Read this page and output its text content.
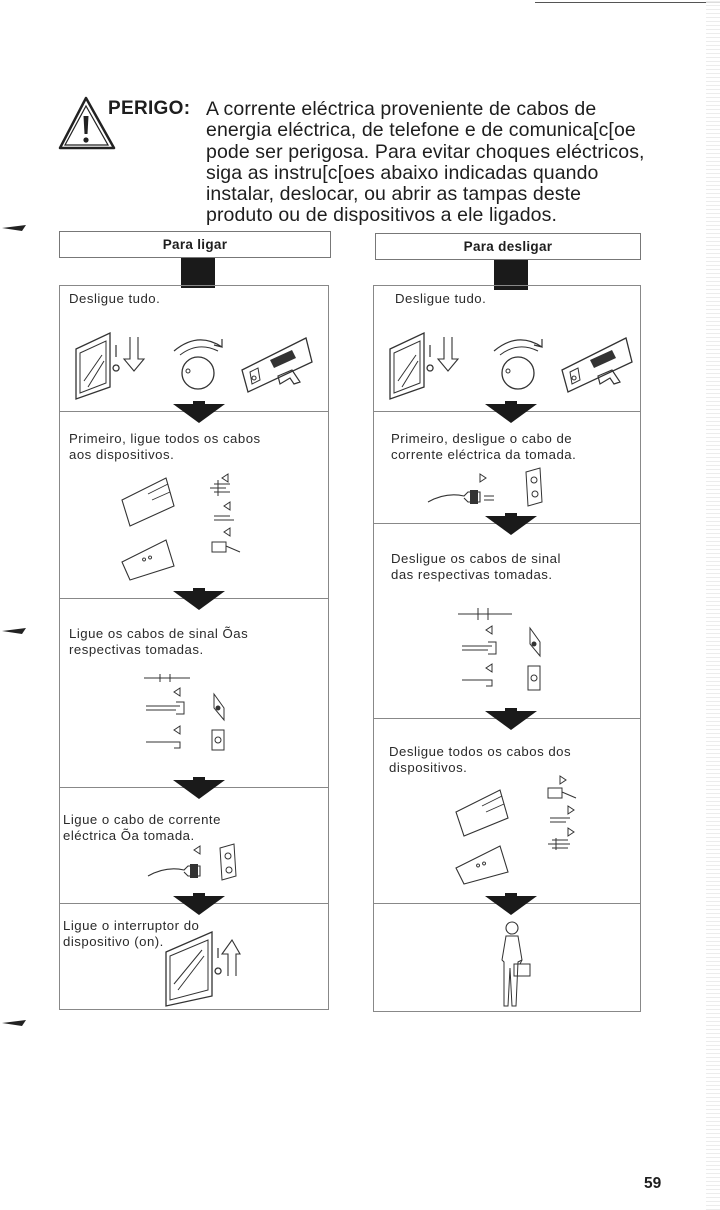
PERIGO: A corrente eléctrica proveniente de cabos de

energia eléctrica, de telefone e de comunica[c[oe

pode ser perigosa. Para evitar choques eléctricos,

siga as instru[c[oes abaixo indicadas quando

instalar, deslocar, ou abrir as tampas deste

produto ou de dispositivos a ele ligados.

Para ligar
Desligue tudo.
Primeiro, ligue todos os cabos
aos dispositivos.
Ligue os cabos de sinal Õas
respectivas tomadas.
Ligue o cabo de corrente
eléctrica Õa tomada.
Ligue o interruptor do
dispositivo (on).
Para desligar
Desligue tudo.
Primeiro, desligue o cabo de
corrente eléctrica da tomada.
Desligue os cabos de sinal
das respectivas tomadas.
Desligue todos os cabos dos
dispositivos.
59
